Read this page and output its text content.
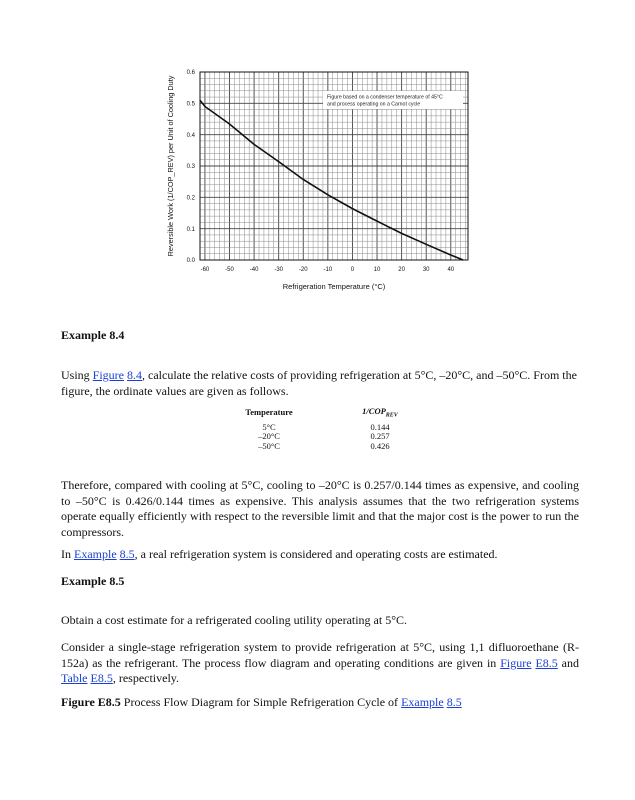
0.0
0.1
0.2
0.3
0.4
0.5
0.6
-60	-50	-40	-30	-20	-10	0	10	20	30	40
Figure based on a condenser temperature of 45°C
and process operating on a Carnot cycle
Refrigeration Temperature (°C)
Reversible Work (1/COP_REV) per Unit of Cooling Duty
Example 8.4
Using Figure 8.4, calculate the relative costs of providing refrigeration at 5°C, –20°C, and –50°C. From the figure, the ordinate values are given as follows.
Temperature		$1/COP_{REV}$
5°C		0.144
–20°C		0.257
–50°C		0.426
Therefore, compared with cooling at 5°C, cooling to –20°C is 0.257/0.144 times as expensive, and cooling to –50°C is 0.426/0.144 times as expensive. This analysis assumes that the two refrigeration systems operate equally efficiently with respect to the reversible limit and that the major cost is the power to run the compressors.
In Example 8.5, a real refrigeration system is considered and operating costs are estimated.
Example 8.5
Obtain a cost estimate for a refrigerated cooling utility operating at 5°C.
Consider a single-stage refrigeration system to provide refrigeration at 5°C, using 1,1 difluoroethane (R-152a) as the refrigerant. The process flow diagram and operating conditions are given in Figure E8.5 and Table E8.5, respectively.
Figure E8.5 Process Flow Diagram for Simple Refrigeration Cycle of Example 8.5
